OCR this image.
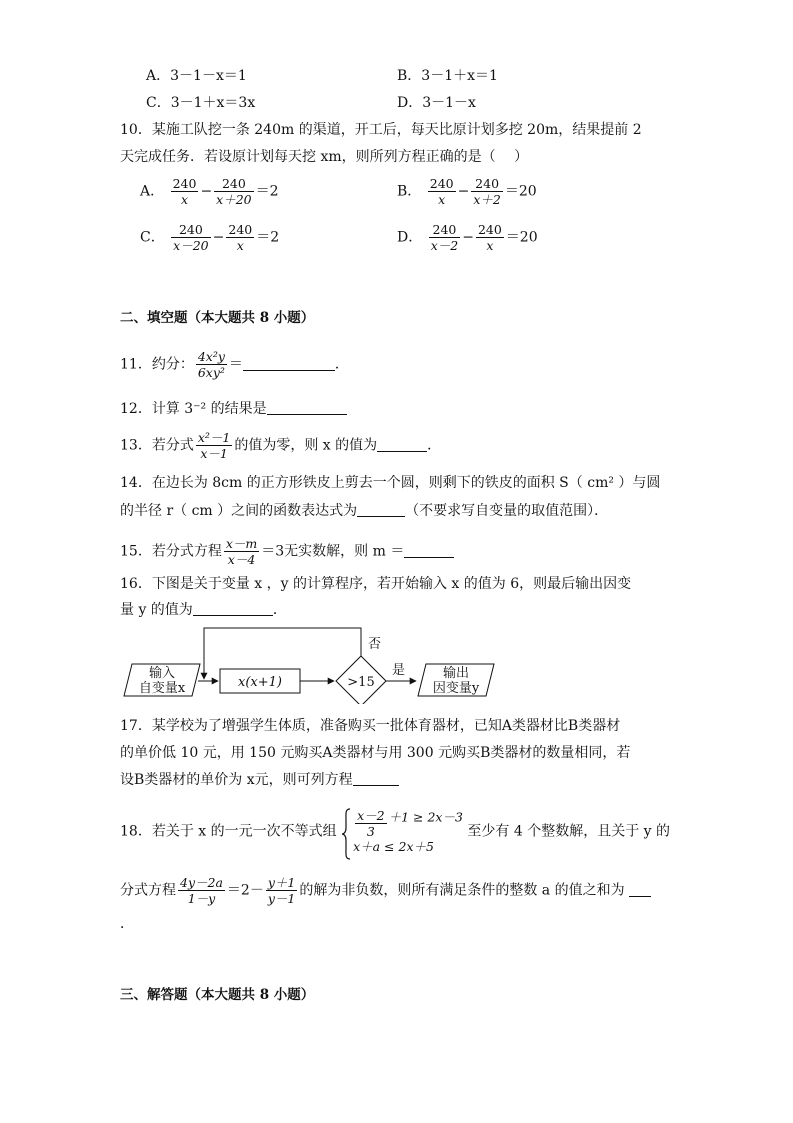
A．3－1－x＝1	B．3－1＋x＝1
C．3－1＋x＝3x	D．3－1－x
10．某施工队挖一条 240m 的渠道，开工后，每天比原计划多挖 20m，结果提前 2
天完成任务．若设原计划每天挖 xm，则所列方程正确的是（　 ）
A． $\frac{240}{x} - \frac{240}{x+20} =2$	B． $\frac{240}{x} - \frac{240}{x+2} =20$
C． $\frac{240}{x-20} - \frac{240}{x} =2$	D． $\frac{240}{x-2} - \frac{240}{x} =20$
二、填空题（本大题共 8 小题）
11．约分： $\frac{\text{4x²y}}{\text{6xy²}}$ ＝	．
12．计算 3⁻² 的结果是
13．若分式 $\frac{\text{x²－1}}{x-1}$ 的值为零，则 x 的值为	．
14．在边长为 8cm 的正方形铁皮上剪去一个圆，则剩下的铁皮的面积 S（ cm² ）与圆
的半径 r（ cm ）之间的函数表达式为	（不要求写自变量的取值范围）．
15．若分式方程 $\frac{x-m}{x-4} =3$无实数解，则 m ＝
16．下图是关于变量 x ，y 的计算程序，若开始输入 x 的值为 6，则最后输出因变
量 y 的值为	．
输入
自变量x	x(x+1)	>15
否
是	输出
因变量y
17．某学校为了增强学生体质，准备购买一批体育器材，已知A类器材比B类器材
的单价低 10 元，用 150 元购买A类器材与用 300 元购买B类器材的数量相同，若
设B类器材的单价为 x元，则可列方程
18．若关于 x 的一元一次不等式组 $\frac{x-2}{3} +1 \ge 2x-3$
x＋a ≤ 2x＋5
至少有 4 个整数解，且关于 y 的
分式方程 $\frac{4y-2a}{1-y} =2- \frac{y+1}{y-1}$ 的解为非负数，则所有满足条件的整数 a 的值之和为
．
三、解答题（本大题共 8 小题）
